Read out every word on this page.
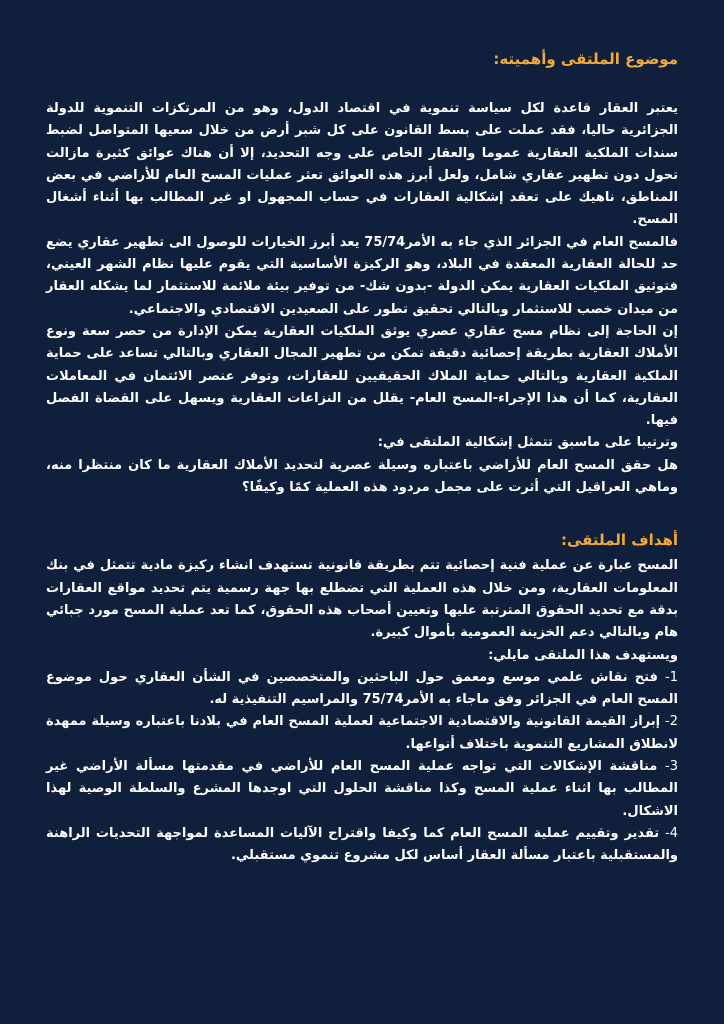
موضوع الملتقى وأهميته:

يعتبر العقار قاعدة لكل سياسة تنموية في اقتصاد الدول، وهو من المرتكزات التنموية للدولة الجزائرية حاليا، فقد عملت على بسط القانون على كل شبر أرض من خلال سعيها المتواصل لضبط سندات الملكية العقارية عموما والعقار الخاص على وجه التحديد، إلا أن هناك عوائق كثيرة مازالت تحول دون تطهير عقاري شامل، ولعل أبرز هذه العوائق تعثر عمليات المسح العام للأراضي في بعض المناطق، ناهيك على تعقد إشكالية العقارات في حساب المجهول او غير المطالب بها أثناء أشغال المسح.

فالمسح العام في الجزائر الذي جاء به الأمر75/74 يعد أبرز الخيارات للوصول الى تطهير عقاري يضع حد للحالة العقارية المعقدة في البلاد، وهو الركيزة الأساسية التي يقوم عليها نظام الشهر العيني، فتوثيق الملكيات العقارية يمكن الدولة -بدون شك- من توفير بيئة ملائمة للاستثمار لما يشكله العقار من ميدان خصب للاستثمار وبالتالي تحقيق تطور على الصعيدين الاقتصادي والاجتماعي.

إن الحاجة إلى نظام مسح عقاري عصري يوثق الملكيات العقارية يمكن الإدارة من حصر سعة ونوع الأملاك العقارية بطريقة إحصائية دقيقة تمكن من تطهير المجال العقاري وبالتالي تساعد على حماية الملكية العقارية وبالتالي حماية الملاك الحقيقيين للعقارات، وتوفر عنصر الائتمان في المعاملات العقارية، كما أن هذا الإجراء-المسح العام- يقلل من النزاعات العقارية ويسهل على القضاة الفصل فيها.

وترتيبا على ماسبق تتمثل إشكالية الملتقى في:

هل حقق المسح العام للأراضي باعتباره وسيلة عصرية لتحديد الأملاك العقارية ما كان منتظرا منه، وماهي العراقيل التي أثرت على مجمل مردود هذه العملية كمًا وكيفًا؟

أهداف الملتقى:

المسح عبارة عن عملية فنية إحصائية تتم بطريقة قانونية تستهدف انشاء ركيزة مادية تتمثل في بنك المعلومات العقارية، ومن خلال هذه العملية التي تضطلع بها جهة رسمية يتم تحديد مواقع العقارات بدقة مع تحديد الحقوق المترتبة عليها وتعيين أصحاب هذه الحقوق، كما تعد عملية المسح مورد جبائي هام وبالتالي دعم الخزينة العمومية بأموال كبيرة.

ويستهدف هذا الملتقى مايلي:

1- فتح نقاش علمي موسع ومعمق حول الباحثين والمتخصصين في الشأن العقاري حول موضوع المسح العام في الجزائر وفق ماجاء به الأمر75/74 والمراسيم التنفيذية له.
2- إبراز القيمة القانونية والاقتصادية الاجتماعية لعملية المسح العام في بلادنا باعتباره وسيلة ممهدة لانطلاق المشاريع التنموية باختلاف أنواعها.
3- مناقشة الإشكالات التي تواجه عملية المسح العام للأراضي في مقدمتها مسألة الأراضي غير المطالب بها اثناء عملية المسح وكذا مناقشة الحلول التي اوجدها المشرع والسلطة الوصية لهذا الاشكال.
4- تقدير وتقييم عملية المسح العام كما وكيفا واقتراح الآليات المساعدة لمواجهة التحديات الراهنة والمستقبلية باعتبار مسألة العقار أساس لكل مشروع تنموي مستقبلي.
